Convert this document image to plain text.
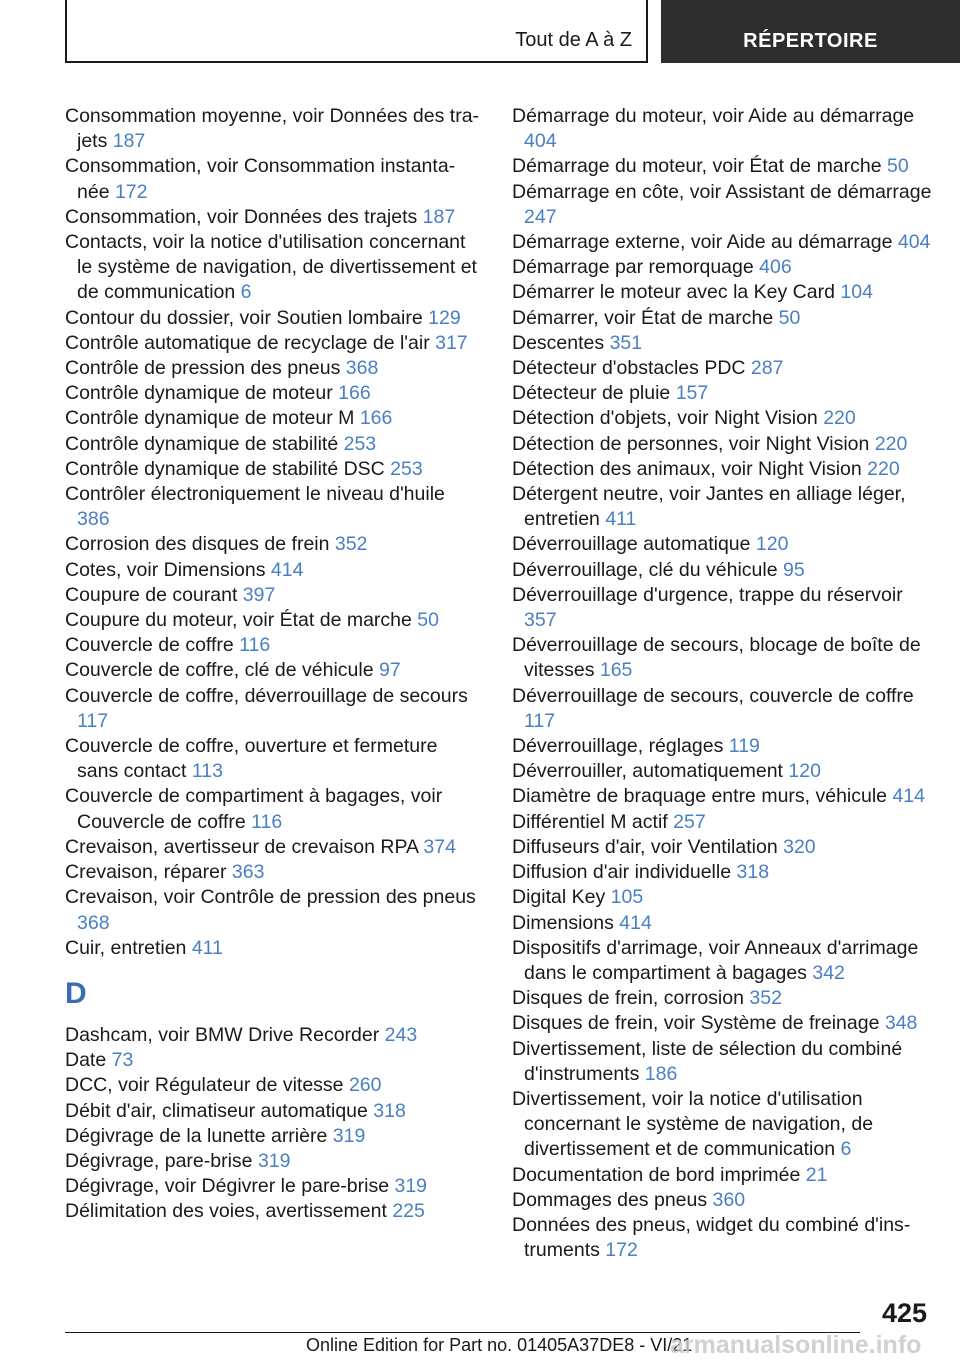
Tout de A à Z	RÉPERTOIRE
Consommation moyenne, voir Données des trajets 187
Consommation, voir Consommation instantanée 172
Consommation, voir Données des trajets 187
Contacts, voir la notice d'utilisation concernant le système de navigation, de divertissement et de communication 6
Contour du dossier, voir Soutien lombaire 129
Contrôle automatique de recyclage de l'air 317
Contrôle de pression des pneus 368
Contrôle dynamique de moteur 166
Contrôle dynamique de moteur M 166
Contrôle dynamique de stabilité 253
Contrôle dynamique de stabilité DSC 253
Contrôler électroniquement le niveau d'huile 386
Corrosion des disques de frein 352
Cotes, voir Dimensions 414
Coupure de courant 397
Coupure du moteur, voir État de marche 50
Couvercle de coffre 116
Couvercle de coffre, clé de véhicule 97
Couvercle de coffre, déverrouillage de secours 117
Couvercle de coffre, ouverture et fermeture sans contact 113
Couvercle de compartiment à bagages, voir Couvercle de coffre 116
Crevaison, avertisseur de crevaison RPA 374
Crevaison, réparer 363
Crevaison, voir Contrôle de pression des pneus 368
Cuir, entretien 411
D
Dashcam, voir BMW Drive Recorder 243
Date 73
DCC, voir Régulateur de vitesse 260
Débit d'air, climatiseur automatique 318
Dégivrage de la lunette arrière 319
Dégivrage, pare-brise 319
Dégivrage, voir Dégivrer le pare-brise 319
Délimitation des voies, avertissement 225
Démarrage du moteur, voir Aide au démarrage 404
Démarrage du moteur, voir État de marche 50
Démarrage en côte, voir Assistant de démarrage 247
Démarrage externe, voir Aide au démarrage 404
Démarrage par remorquage 406
Démarrer le moteur avec la Key Card 104
Démarrer, voir État de marche 50
Descentes 351
Détecteur d'obstacles PDC 287
Détecteur de pluie 157
Détection d'objets, voir Night Vision 220
Détection de personnes, voir Night Vision 220
Détection des animaux, voir Night Vision 220
Détergent neutre, voir Jantes en alliage léger, entretien 411
Déverrouillage automatique 120
Déverrouillage, clé du véhicule 95
Déverrouillage d'urgence, trappe du réservoir 357
Déverrouillage de secours, blocage de boîte de vitesses 165
Déverrouillage de secours, couvercle de coffre 117
Déverrouillage, réglages 119
Déverrouiller, automatiquement 120
Diamètre de braquage entre murs, véhicule 414
Différentiel M actif 257
Diffuseurs d'air, voir Ventilation 320
Diffusion d'air individuelle 318
Digital Key 105
Dimensions 414
Dispositifs d'arrimage, voir Anneaux d'arrimage dans le compartiment à bagages 342
Disques de frein, corrosion 352
Disques de frein, voir Système de freinage 348
Divertissement, liste de sélection du combiné d'instruments 186
Divertissement, voir la notice d'utilisation concernant le système de navigation, de divertissement et de communication 6
Documentation de bord imprimée 21
Dommages des pneus 360
Données des pneus, widget du combiné d'instruments 172
425
Online Edition for Part no. 01405A37DE8 - VI/21
armanualsonline.info
